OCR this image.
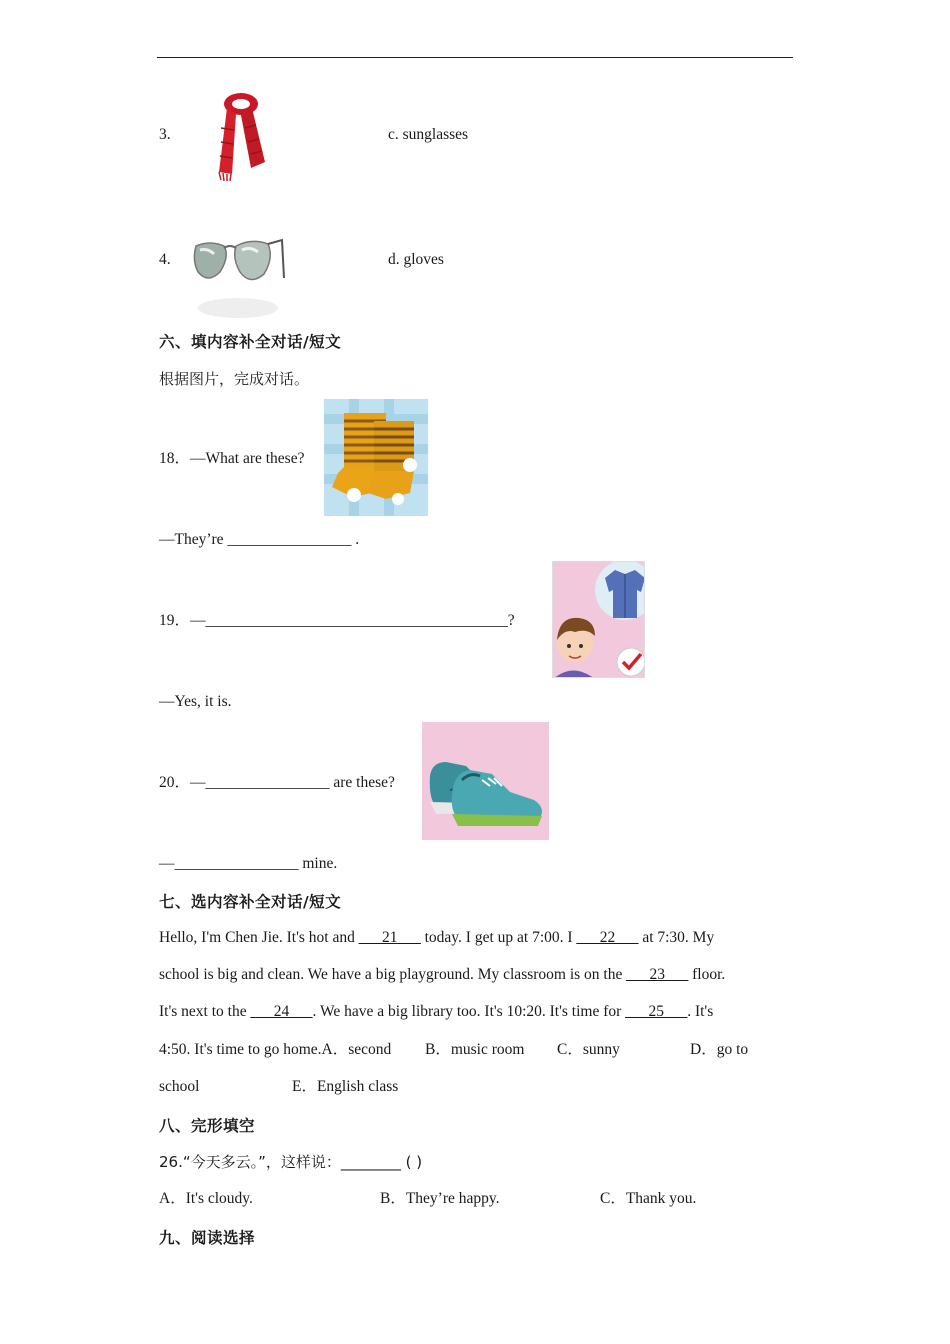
3.	c. sunglasses
4.	d. gloves
六、填内容补全对话/短文
根据图片，完成对话。
18．—What are these?
—They’re ________________ .
19．—_______________________________________?
—Yes, it is.
20．—________________ are these?
—________________ mine.
七、选内容补全对话/短文
Hello, I'm Chen Jie. It's hot and ___21___ today. I get up at 7:00. I ___22___ at 7:30. My
school is big and clean. We have a big playground. My classroom is on the ___23___ floor.
It's next to the ___24___. We have a big library too. It's 10:20. It's time for ___25___. It's
4:50. It's time to go home.A．second B．music room C．sunny	D．go to
school	E．English class
八、完形填空
26.“今天多云。”，这样说：________ ( )
A．It's cloudy.	B．They’re happy.	C．Thank you.
九、阅读选择
